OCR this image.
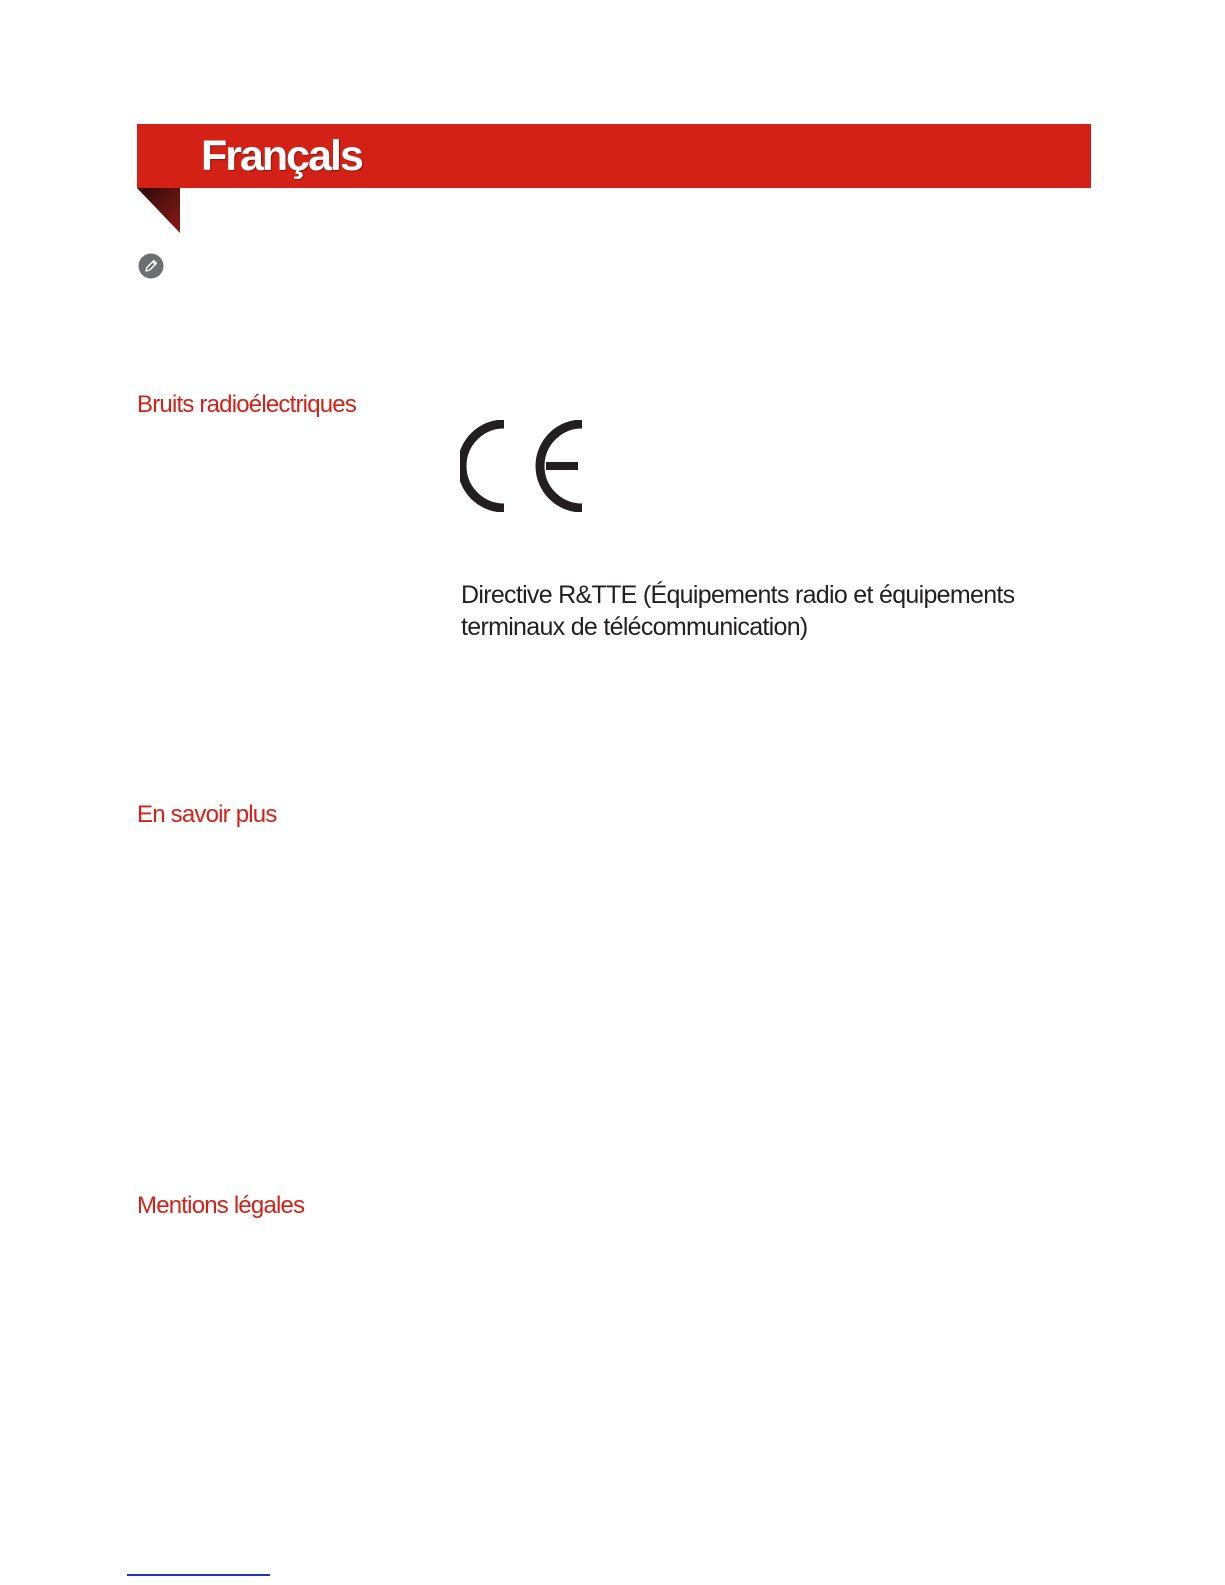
Françals
Bruits radioélectriques
Directive R&TTE (Équipements radio et équipements terminaux de télécommunication)
En savoir plus
Mentions légales
